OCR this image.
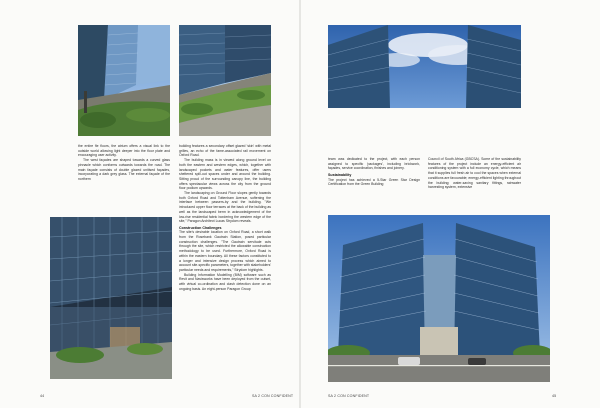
the entire fle floors, the atrium offers a visual link to the outside world allowing light deeper into the floor plate and encouraging user activity.

The west façades are shaped towards a curved glass pinnacle which conforms outwards towards the road. The main façade consists of double glazed unitised façades, incorporating a dark grey glass. The external façade of the northern

building features a secondary offset glazed 'skin' with metal grilles, an echo of the fame-associated rail movement on Oxford Road.

The building mass is in viewed along ground level on both the eastern and western edges, which, together with landscaped pockets and water features, offer users sheltered spill-out spaces under and around the building. Sitting proud of the surrounding canopy line, the building offers spectacular views across the city from the ground floor podium upwards.

The landscaping on Ground Floor slopes gently towards both Oxford Road and Tottenham Avenue, softening the interface between passers-by and the building. "We introduced upper floor terraces at the back of the building as well as the landscaped berm in acknowledgement of the low-rise residential fabric bordering the western edge of the site," Paragon Architect Lucas Strydom reveals.

Construction Challenges

The site's desirable location on Oxford Road, a short walk from the Rosebank Gautrain Station, posed particular construction challenges. "The Gautrain servitude cuts through the site, which restricted the allowable construction methodology to be used. Furthermore, Oxford Road is within the eastern boundary. All these factors constituted to a longer and intensive design process which aimed to account site-specific parameters, together with stakeholders' particular needs and requirements," Strydom highlights.

Building Information Modelling (BIM) software such as Revit and Navisworks have been deployed from the outset, with virtual co-ordination and clash detection done on an ongoing basis. An eight-person Paragon Group

44	SA 2 CON CONFIDENT

team was dedicated to the project, with each person assigned to specific 'packages', including brickwork, façades, service coordination, finishes and joinery.

Sustainability

The project has achieved a 5-Star Green Star Design Certification from the Green Building

Council of South Africa (GBCSA). Some of the sustainability features of the project include an energy-efficient air conditioning system with a full economy cycle, which means that it supplies full fresh air to cool the spaces when external conditions are favourable; energy-efficient lighting throughout the building; water-saving sanitary fittings, rainwater harvesting system, extensive

SA 2 CON CONFIDENT	45
